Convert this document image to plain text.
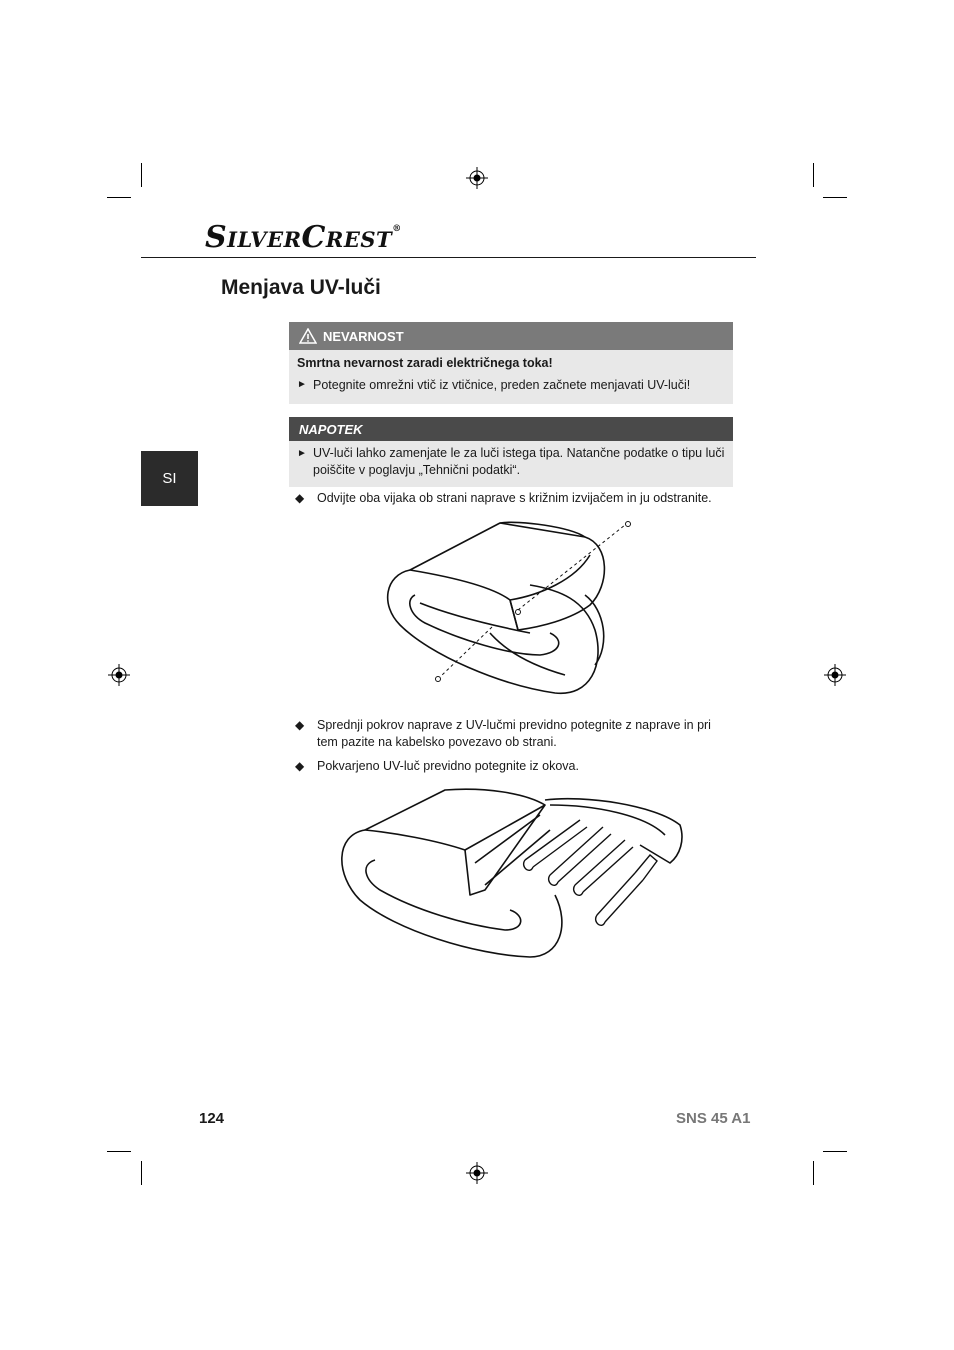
SILVERCREST®
Menjava UV-luči
SI
NEVARNOST
Smrtna nevarnost zaradi električnega toka!
► Potegnite omrežni vtič iz vtičnice, preden začnete menjavati UV-luči!
NAPOTEK
► UV-luči lahko zamenjate le za luči istega tipa. Natančne podatke o tipu luči poiščite v poglavju „Tehnični podatki“.
◆	Odvijte oba vijaka ob strani naprave s križnim izvijačem in ju odstranite.
◆	Sprednji pokrov naprave z UV-lučmi previdno potegnite z naprave in pri tem pazite na kabelsko povezavo ob strani.
◆	Pokvarjeno UV-luč previdno potegnite iz okova.
124	SNS 45 A1
